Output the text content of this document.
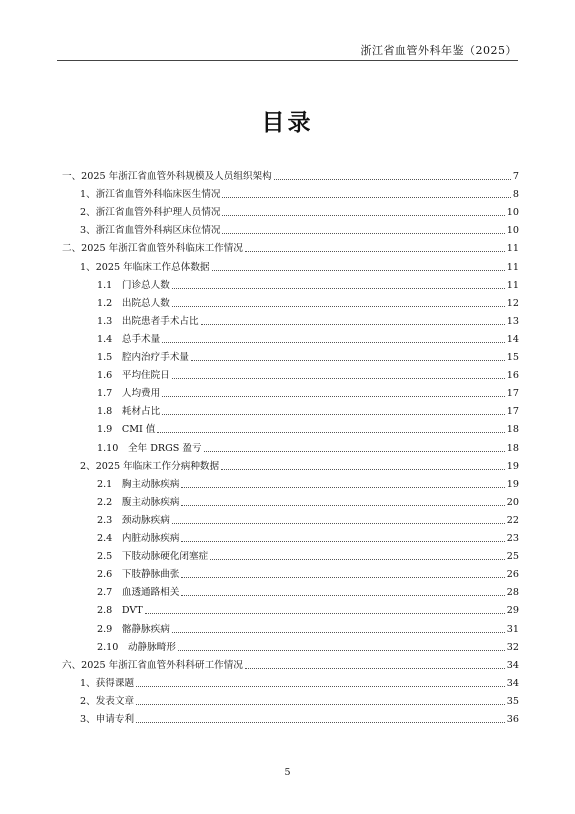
浙江省血管外科年鉴（2025）
目录
一、2025 年浙江省血管外科规模及人员组织架构	7
1、浙江省血管外科临床医生情况	8
2、浙江省血管外科护理人员情况	10
3、浙江省血管外科病区床位情况	10
二、2025 年浙江省血管外科临床工作情况	11
1、2025 年临床工作总体数据	11
1.1　门诊总人数	11
1.2　出院总人数	12
1.3　出院患者手术占比	13
1.4　总手术量	14
1.5　腔内治疗手术量	15
1.6　平均住院日	16
1.7　人均费用	17
1.8　耗材占比	17
1.9　CMI 值	18
1.10　全年 DRGS 盈亏	18
2、2025 年临床工作分病种数据	19
2.1　胸主动脉疾病	19
2.2　腹主动脉疾病	20
2.3　颈动脉疾病	22
2.4　内脏动脉疾病	23
2.5　下肢动脉硬化闭塞症	25
2.6　下肢静脉曲张	26
2.7　血透通路相关	28
2.8　DVT	29
2.9　髂静脉疾病	31
2.10　动静脉畸形	32
六、2025 年浙江省血管外科科研工作情况	34
1、获得课题	34
2、发表文章	35
3、申请专利	36
5
